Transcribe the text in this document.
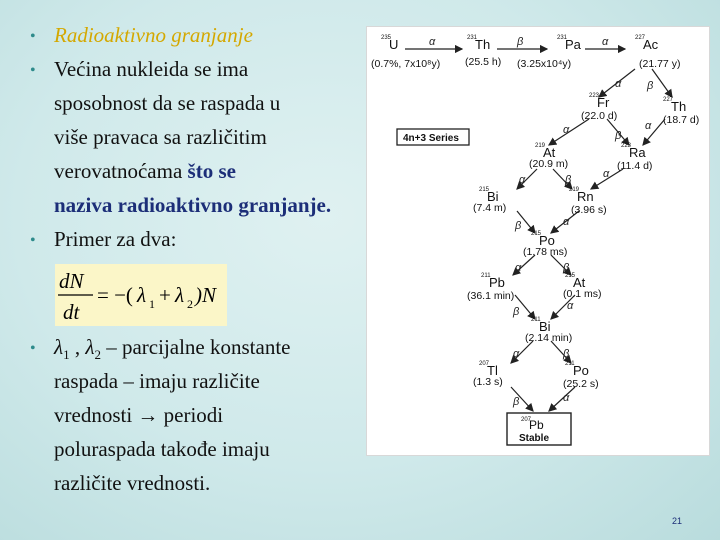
• Radioaktivno granjanje
• Većina nukleida se ima
sposobnost da se raspada u
više pravaca sa različitim
verovatnoćama što se
naziva radioaktivno granjanje.
• Primer za dva:
• $\lambda_1$ , $\lambda_2$ – parcijalne konstante
raspada – imaju različite
vrednosti → periodi
poluraspada takođe imaju
različite vrednosti.
dN
dt
= −( λ 1 + λ 2 )N
α	β	α
α β
α	β
α
α	β	α
β	α
α	β
β	α
α	β
β	α
4n+3 Series
235
U
(0.7%, 7x10⁸y)
231
Th
(25.5 h)
231
Pa
(3.25x10⁴y)
227
Ac
(21.77 y)
223
Fr
(22.0 d)
227
Th
(18.7 d)
219
At
(20.9 m)
223
Ra
(11.4 d)
215
Bi
(7.4 m)
219
Rn
(3.96 s)
215
Po
(1.78 ms)
211
Pb
(36.1 min)
215
At
(0.1 ms)
211
Bi
(2.14 min)
207
Tl
(1.3 s)
211
Po
(25.2 s)
207
Pb
Stable
21
